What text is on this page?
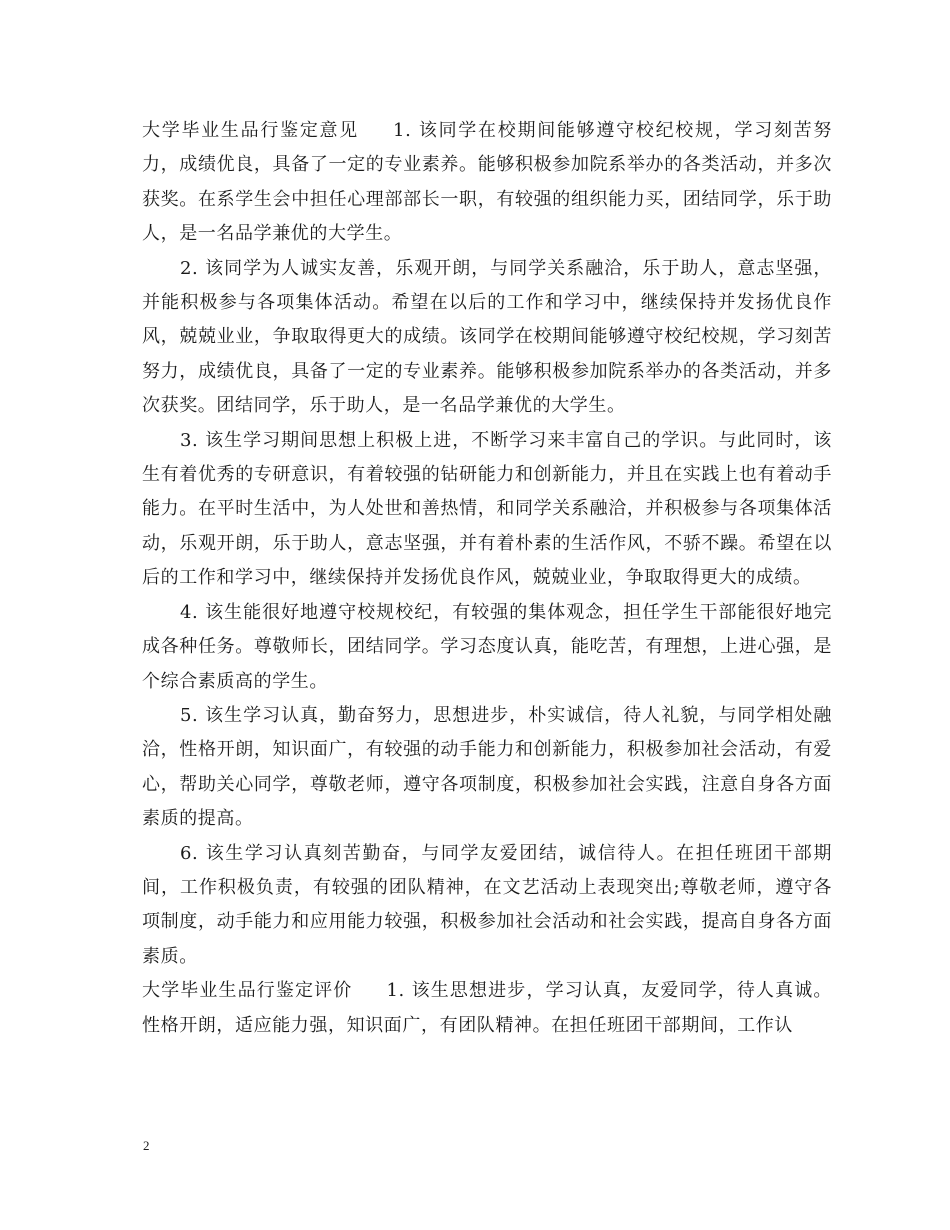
大学毕业生品行鉴定意见 1. 该同学在校期间能够遵守校纪校规，学习刻苦努力，成绩优良，具备了一定的专业素养。能够积极参加院系举办的各类活动，并多次获奖。在系学生会中担任心理部部长一职，有较强的组织能力买，团结同学，乐于助人，是一名品学兼优的大学生。

2. 该同学为人诚实友善，乐观开朗，与同学关系融洽，乐于助人，意志坚强，并能积极参与各项集体活动。希望在以后的工作和学习中，继续保持并发扬优良作风，兢兢业业，争取取得更大的成绩。该同学在校期间能够遵守校纪校规，学习刻苦努力，成绩优良，具备了一定的专业素养。能够积极参加院系举办的各类活动，并多次获奖。团结同学，乐于助人，是一名品学兼优的大学生。

3. 该生学习期间思想上积极上进，不断学习来丰富自己的学识。与此同时，该生有着优秀的专研意识，有着较强的钻研能力和创新能力，并且在实践上也有着动手能力。在平时生活中，为人处世和善热情，和同学关系融洽，并积极参与各项集体活动，乐观开朗，乐于助人，意志坚强，并有着朴素的生活作风，不骄不躁。希望在以后的工作和学习中，继续保持并发扬优良作风，兢兢业业，争取取得更大的成绩。

4. 该生能很好地遵守校规校纪，有较强的集体观念，担任学生干部能很好地完成各种任务。尊敬师长，团结同学。学习态度认真，能吃苦，有理想，上进心强，是个综合素质高的学生。

5. 该生学习认真，勤奋努力，思想进步，朴实诚信，待人礼貌，与同学相处融洽，性格开朗，知识面广，有较强的动手能力和创新能力，积极参加社会活动，有爱心，帮助关心同学，尊敬老师，遵守各项制度，积极参加社会实践，注意自身各方面素质的提高。

6. 该生学习认真刻苦勤奋，与同学友爱团结，诚信待人。在担任班团干部期间，工作积极负责，有较强的团队精神，在文艺活动上表现突出;尊敬老师，遵守各项制度，动手能力和应用能力较强，积极参加社会活动和社会实践，提高自身各方面素质。

大学毕业生品行鉴定评价 1. 该生思想进步，学习认真，友爱同学，待人真诚。性格开朗，适应能力强，知识面广，有团队精神。在担任班团干部期间，工作认

2
